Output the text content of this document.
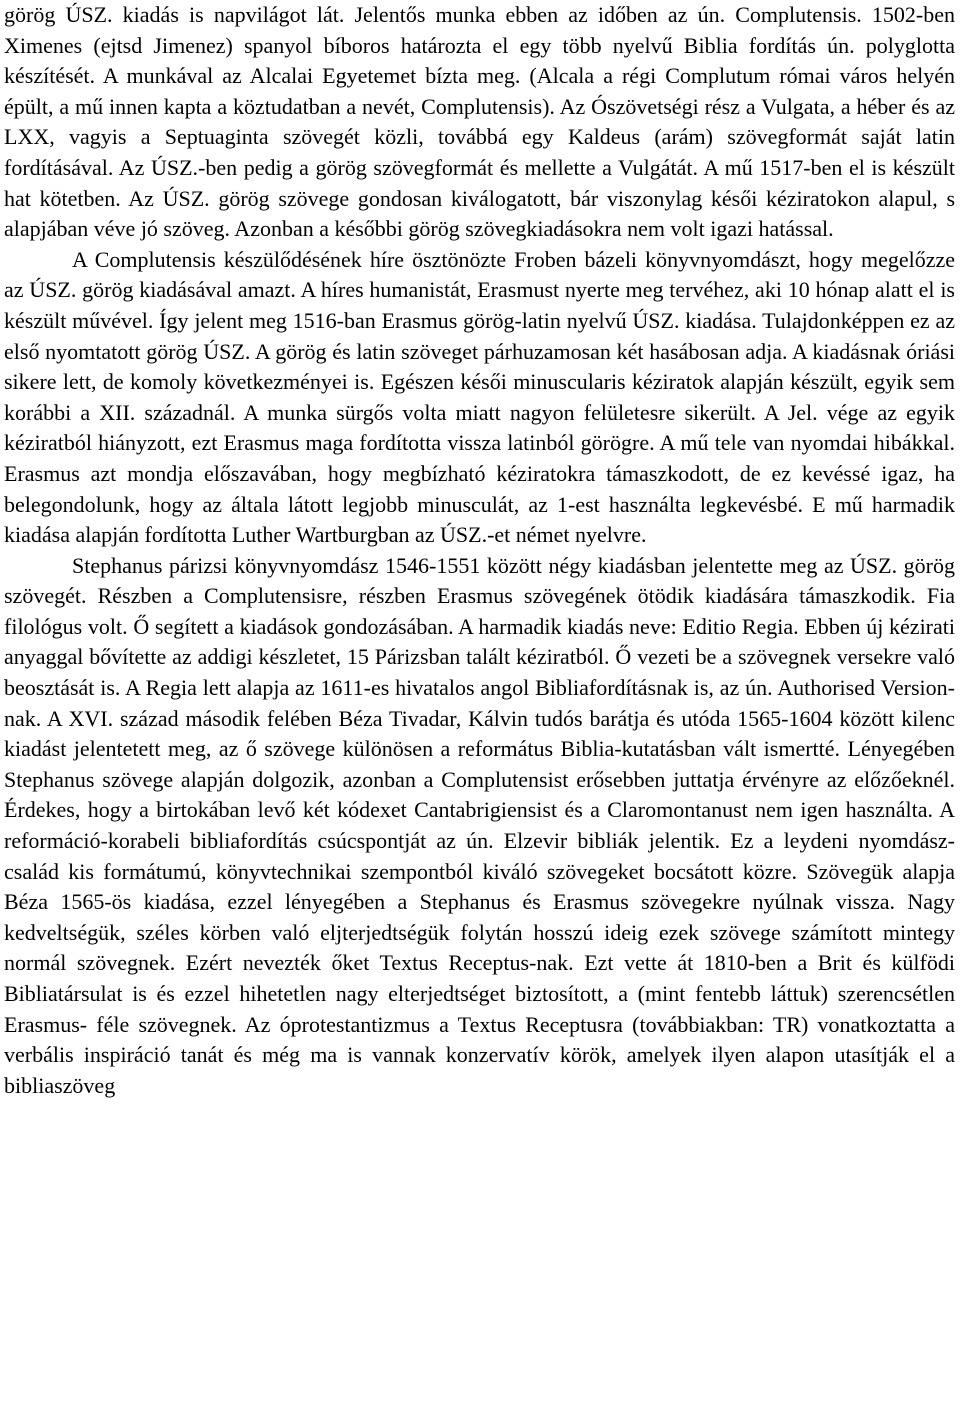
görög ÚSZ. kiadás is napvilágot lát. Jelentős munka ebben az időben az ún. Complutensis. 1502-ben Ximenes (ejtsd Jimenez) spanyol bíboros határozta el egy több nyelvű Biblia fordítás ún. polyglotta készítését. A munkával az Alcalai Egyetemet bízta meg. (Alcala a régi Complutum római város helyén épült, a mű innen kapta a köztudatban a nevét, Complutensis). Az Ószövetségi rész a Vulgata, a héber és az LXX, vagyis a Septuaginta szövegét közli, továbbá egy Kaldeus (arám) szövegformát saját latin fordításával. Az ÚSZ.-ben pedig a görög szövegformát és mellette a Vulgátát. A mű 1517-ben el is készült hat kötetben. Az ÚSZ. görög szövege gondosan kiválogatott, bár viszonylag késői kéziratokon alapul, s alapjában véve jó szöveg. Azonban a későbbi görög szövegkiadásokra nem volt igazi hatással.

A Complutensis készülődésének híre ösztönözte Froben bázeli könyvnyomdászt, hogy megelőzze az ÚSZ. görög kiadásával amazt. A híres humanistát, Erasmust nyerte meg tervéhez, aki 10 hónap alatt el is készült művével. Így jelent meg 1516-ban Erasmus görög-latin nyelvű ÚSZ. kiadása. Tulajdonképpen ez az első nyomtatott görög ÚSZ. A görög és latin szöveget párhuzamosan két hasábosan adja. A kiadásnak óriási sikere lett, de komoly következményei is. Egészen késői minuscularis kéziratok alapján készült, egyik sem korábbi a XII. századnál. A munka sürgős volta miatt nagyon felületesre sikerült. A Jel. vége az egyik kéziratból hiányzott, ezt Erasmus maga fordította vissza latinból görögre. A mű tele van nyomdai hibákkal. Erasmus azt mondja előszavában, hogy megbízható kéziratokra támaszkodott, de ez kevéssé igaz, ha belegondolunk, hogy az általa látott legjobb minusculát, az 1-est használta legkevésbé. E mű harmadik kiadása alapján fordította Luther Wartburgban az ÚSZ.-et német nyelvre.

Stephanus párizsi könyvnyomdász 1546-1551 között négy kiadásban jelentette meg az ÚSZ. görög szövegét. Részben a Complutensisre, részben Erasmus szövegének ötödik kiadására támaszkodik. Fia filológus volt. Ő segített a kiadások gondozásában. A harmadik kiadás neve: Editio Regia. Ebben új kézirati anyaggal bővítette az addigi készletet, 15 Párizsban talált kéziratból. Ő vezeti be a szövegnek versekre való beosztását is. A Regia lett alapja az 1611-es hivatalos angol Bibliafordításnak is, az ún. Authorised Version-nak. A XVI. század második felében Béza Tivadar, Kálvin tudós barátja és utóda 1565-1604 között kilenc kiadást jelentetett meg, az ő szövege különösen a református Biblia-kutatásban vált ismertté. Lényegében Stephanus szövege alapján dolgozik, azonban a Complutensist erősebben juttatja érvényre az előzőeknél. Érdekes, hogy a birtokában levő két kódexet Cantabrigiensist és a Claromontanust nem igen használta. A reformáció-korabeli bibliafordítás csúcspontját az ún. Elzevir bibliák jelentik. Ez a leydeni nyomdász-család kis formátumú, könyvtechnikai szempontból kiváló szövegeket bocsátott közre. Szövegük alapja Béza 1565-ös kiadása, ezzel lényegében a Stephanus és Erasmus szövegekre nyúlnak vissza. Nagy kedveltségük, széles körben való eljterjedtségük folytán hosszú ideig ezek szövege számított mintegy normál szövegnek. Ezért nevezték őket Textus Receptus-nak. Ezt vette át 1810-ben a Brit és külfödi Bibliatársulat is és ezzel hihetetlen nagy elterjedtséget biztosított, a (mint fentebb láttuk) szerencsétlen Erasmus- féle szövegnek. Az óprotestantizmus a Textus Receptusra (továbbiakban: TR) vonatkoztatta a verbális inspiráció tanát és még ma is vannak konzervatív körök, amelyek ilyen alapon utasítják el a bibliaszöveg
